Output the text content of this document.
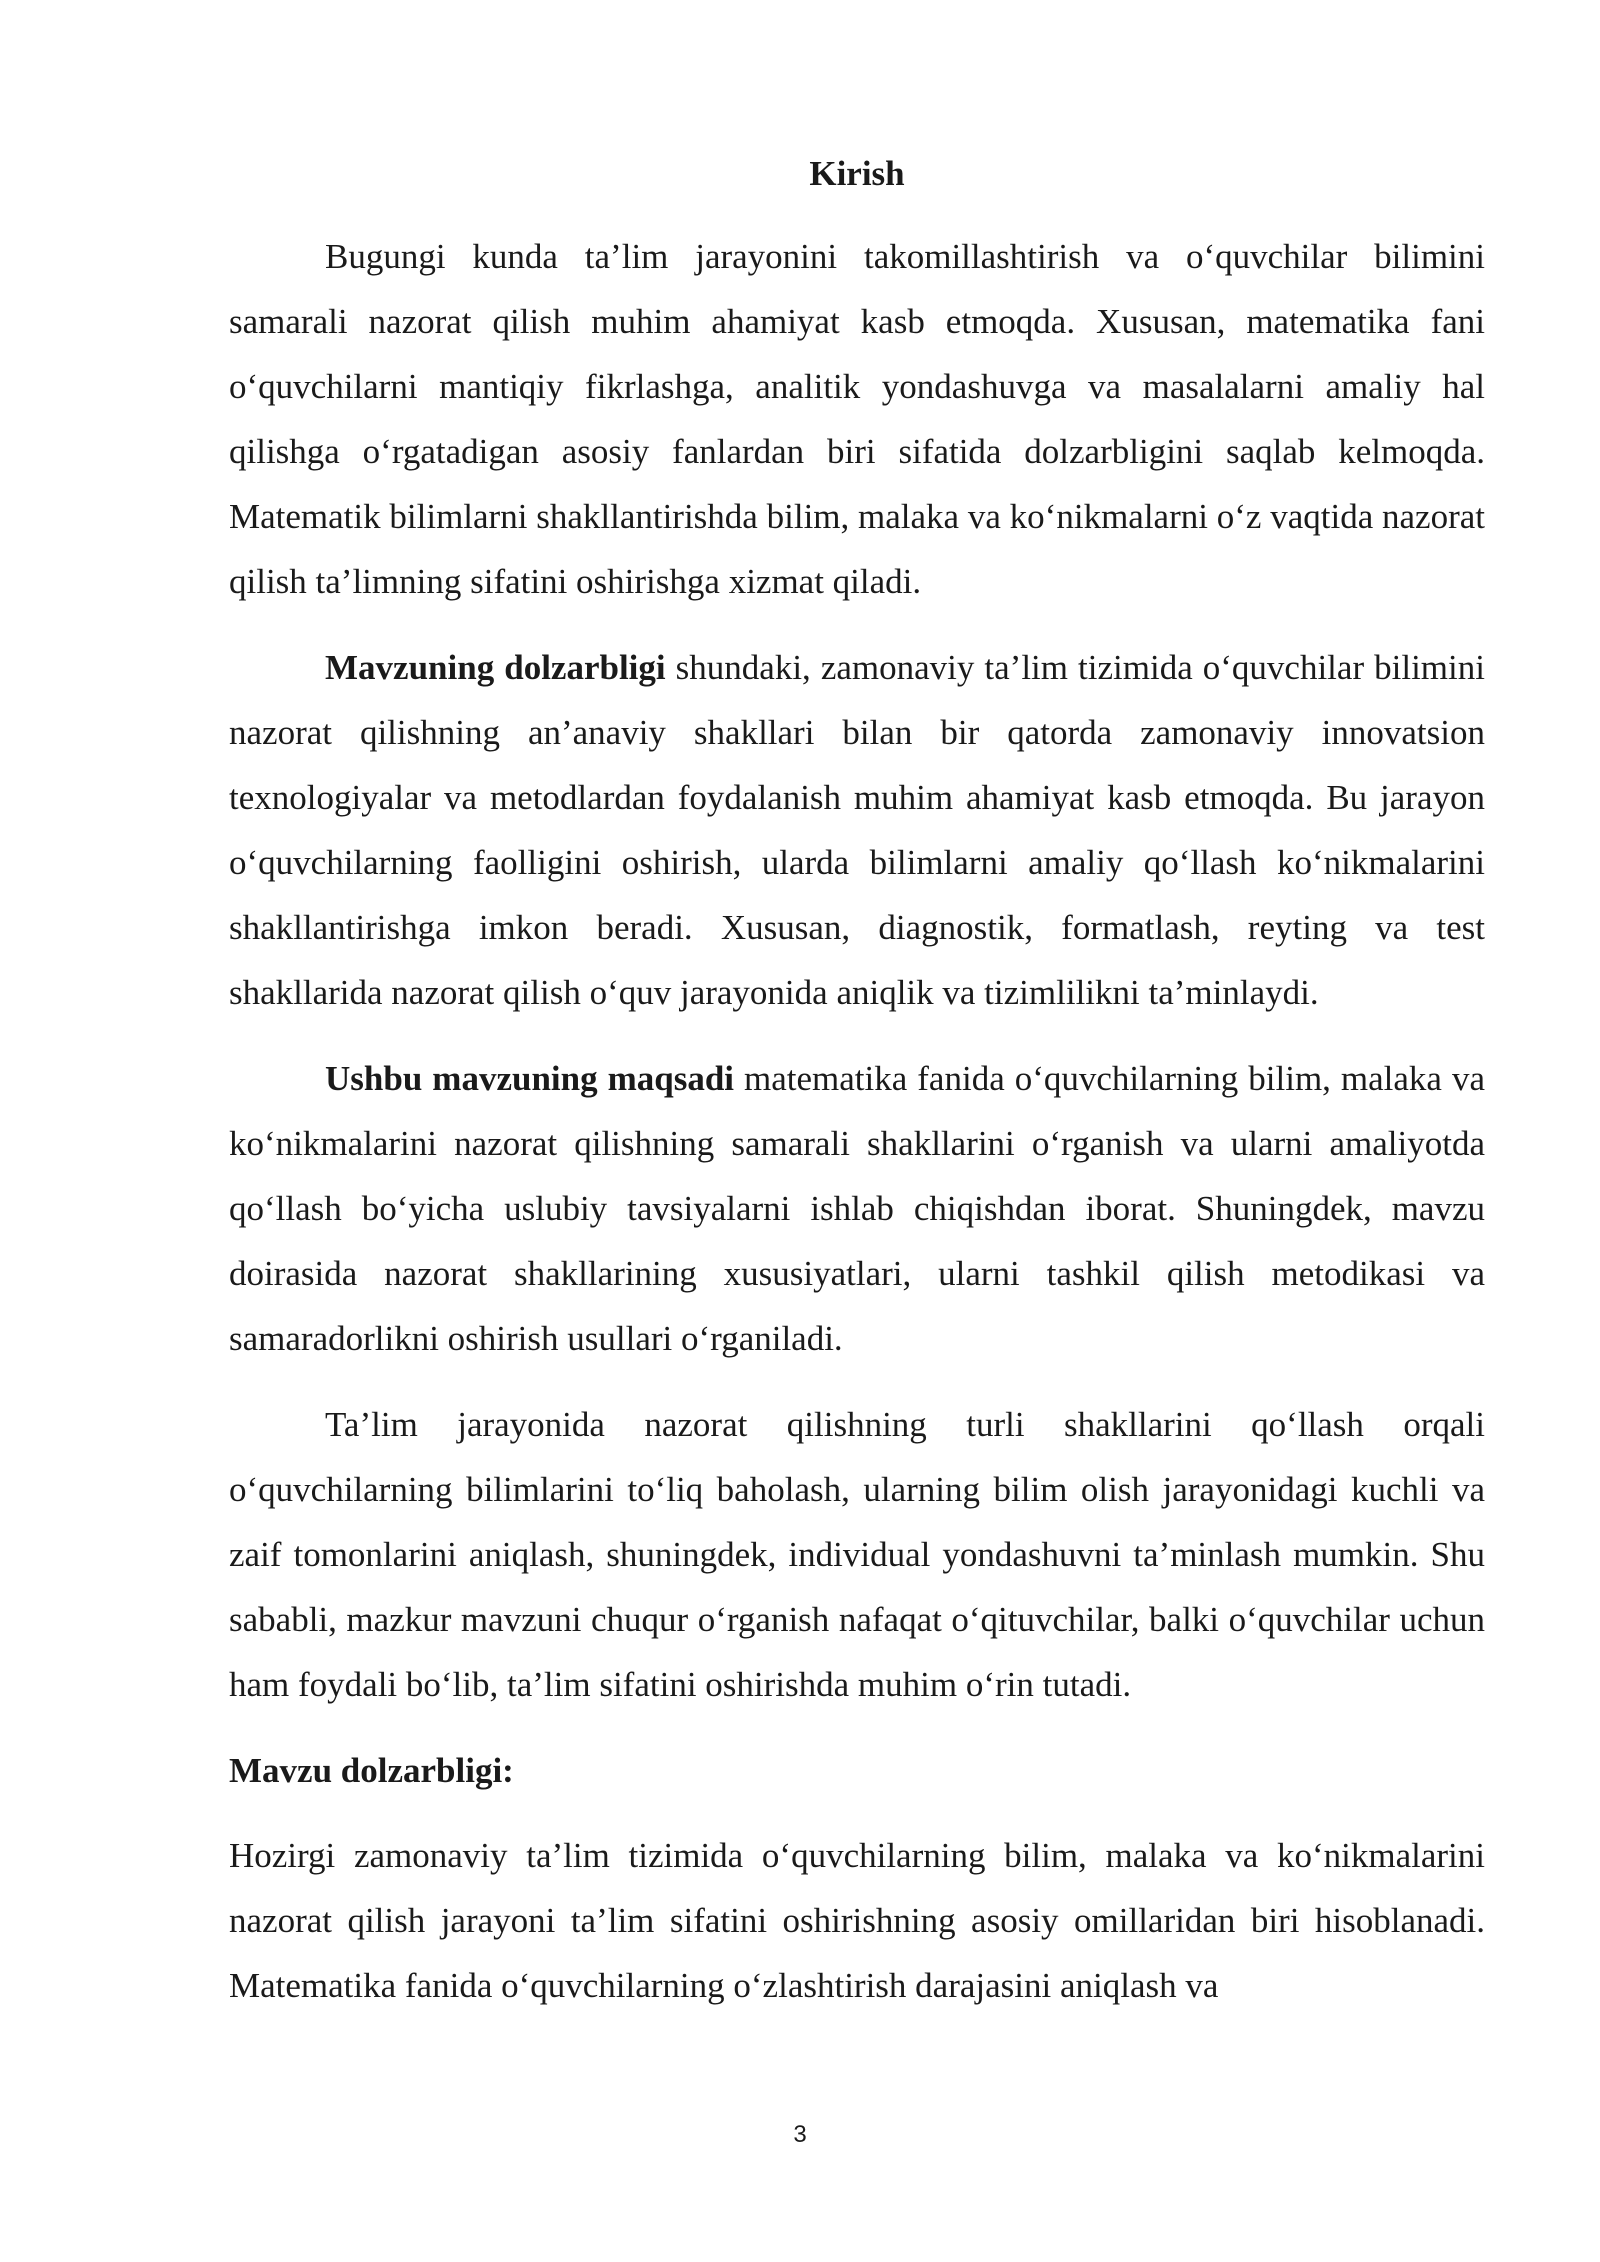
Kirish

Bugungi kunda ta’lim jarayonini takomillashtirish va o‘quvchilar bilimini samarali nazorat qilish muhim ahamiyat kasb etmoqda. Xususan, matematika fani o‘quvchilarni mantiqiy fikrlashga, analitik yondashuvga va masalalarni amaliy hal qilishga o‘rgatadigan asosiy fanlardan biri sifatida dolzarbligini saqlab kelmoqda. Matematik bilimlarni shakllantirishda bilim, malaka va ko‘nikmalarni o‘z vaqtida nazorat qilish ta’limning sifatini oshirishga xizmat qiladi.

Mavzuning dolzarbligi shundaki, zamonaviy ta’lim tizimida o‘quvchilar bilimini nazorat qilishning an’anaviy shakllari bilan bir qatorda zamonaviy innovatsion texnologiyalar va metodlardan foydalanish muhim ahamiyat kasb etmoqda. Bu jarayon o‘quvchilarning faolligini oshirish, ularda bilimlarni amaliy qo‘llash ko‘nikmalarini shakllantirishga imkon beradi. Xususan, diagnostik, formatlash, reyting va test shakllarida nazorat qilish o‘quv jarayonida aniqlik va tizimlilikni ta’minlaydi.

Ushbu mavzuning maqsadi matematika fanida o‘quvchilarning bilim, malaka va ko‘nikmalarini nazorat qilishning samarali shakllarini o‘rganish va ularni amaliyotda qo‘llash bo‘yicha uslubiy tavsiyalarni ishlab chiqishdan iborat. Shuningdek, mavzu doirasida nazorat shakllarining xususiyatlari, ularni tashkil qilish metodikasi va samaradorlikni oshirish usullari o‘rganiladi.

Ta’lim jarayonida nazorat qilishning turli shakllarini qo‘llash orqali o‘quvchilarning bilimlarini to‘liq baholash, ularning bilim olish jarayonidagi kuchli va zaif tomonlarini aniqlash, shuningdek, individual yondashuvni ta’minlash mumkin. Shu sababli, mazkur mavzuni chuqur o‘rganish nafaqat o‘qituvchilar, balki o‘quvchilar uchun ham foydali bo‘lib, ta’lim sifatini oshirishda muhim o‘rin tutadi.

Mavzu dolzarbligi:

Hozirgi zamonaviy ta’lim tizimida o‘quvchilarning bilim, malaka va ko‘nikmalarini nazorat qilish jarayoni ta’lim sifatini oshirishning asosiy omillaridan biri hisoblanadi. Matematika fanida o‘quvchilarning o‘zlashtirish darajasini aniqlash va

3
